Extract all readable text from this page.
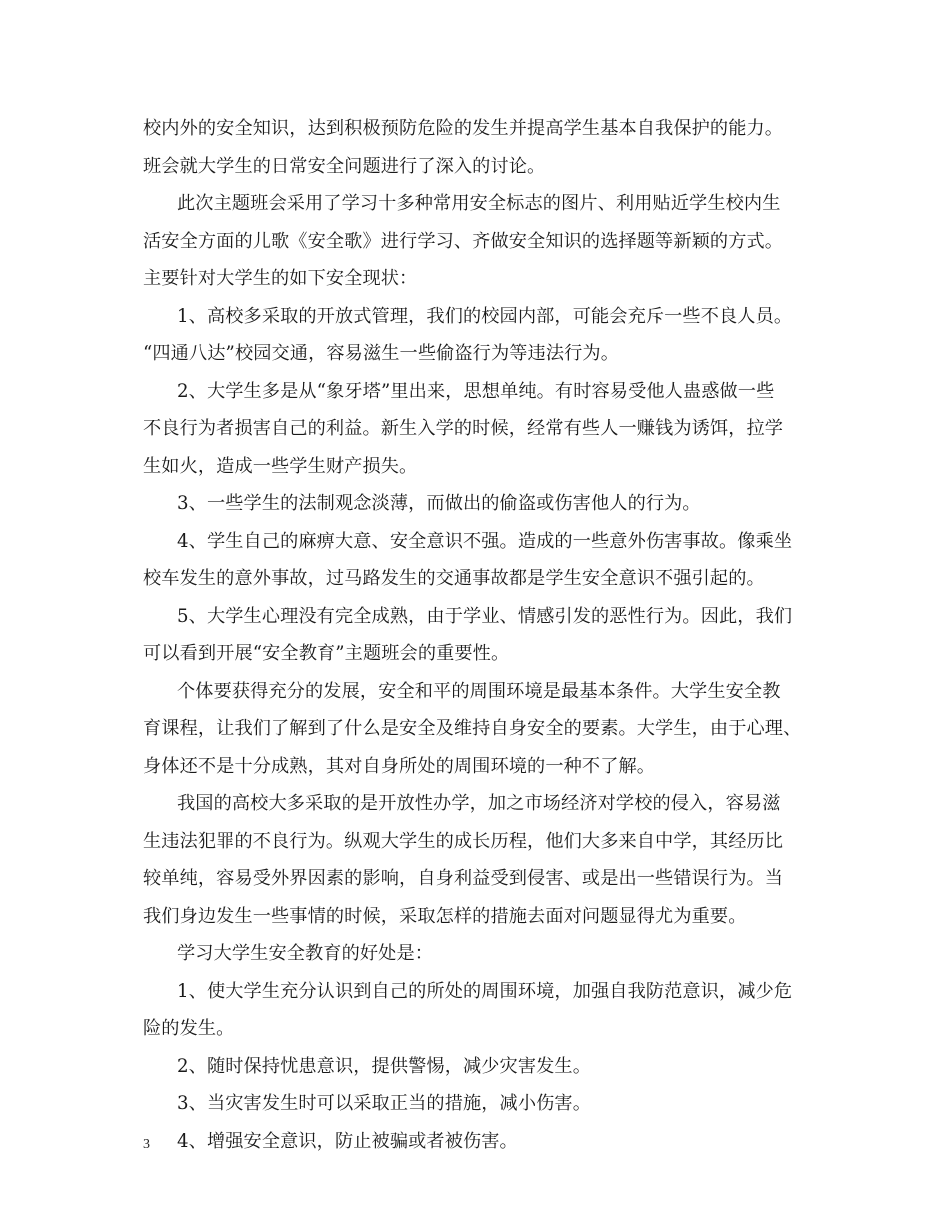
校内外的安全知识，达到积极预防危险的发生并提高学生基本自我保护的能力。
班会就大学生的日常安全问题进行了深入的讨论。
此次主题班会采用了学习十多种常用安全标志的图片、利用贴近学生校内生
活安全方面的儿歌《安全歌》进行学习、齐做安全知识的选择题等新颖的方式。
主要针对大学生的如下安全现状：
1、高校多采取的开放式管理，我们的校园内部，可能会充斥一些不良人员。
“四通八达”校园交通，容易滋生一些偷盗行为等违法行为。
2、大学生多是从“象牙塔”里出来，思想单纯。有时容易受他人蛊惑做一些
不良行为者损害自己的利益。新生入学的时候，经常有些人一赚钱为诱饵，拉学
生如火，造成一些学生财产损失。
3、一些学生的法制观念淡薄，而做出的偷盗或伤害他人的行为。
4、学生自己的麻痹大意、安全意识不强。造成的一些意外伤害事故。像乘坐
校车发生的意外事故，过马路发生的交通事故都是学生安全意识不强引起的。
5、大学生心理没有完全成熟，由于学业、情感引发的恶性行为。因此，我们
可以看到开展“安全教育”主题班会的重要性。
个体要获得充分的发展，安全和平的周围环境是最基本条件。大学生安全教
育课程，让我们了解到了什么是安全及维持自身安全的要素。大学生，由于心理、
身体还不是十分成熟，其对自身所处的周围环境的一种不了解。
我国的高校大多采取的是开放性办学，加之市场经济对学校的侵入，容易滋
生违法犯罪的不良行为。纵观大学生的成长历程，他们大多来自中学，其经历比
较单纯，容易受外界因素的影响，自身利益受到侵害、或是出一些错误行为。当
我们身边发生一些事情的时候，采取怎样的措施去面对问题显得尤为重要。
学习大学生安全教育的好处是：
1、使大学生充分认识到自己的所处的周围环境，加强自我防范意识，减少危
险的发生。
2、随时保持忧患意识，提供警惕，减少灾害发生。
3、当灾害发生时可以采取正当的措施，减小伤害。
4、增强安全意识，防止被骗或者被伤害。
3
